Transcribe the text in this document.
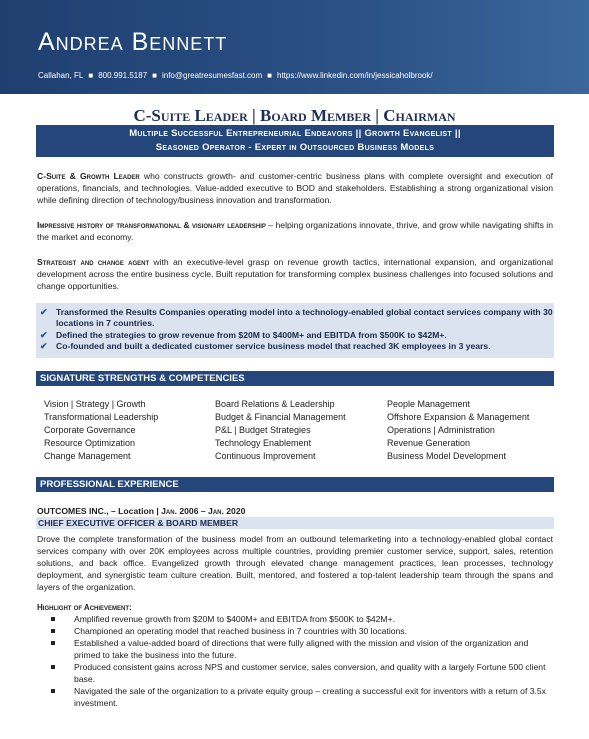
Andrea Bennett
Callahan, FL ■ 800.991.5187 ■ info@greatresumesfast.com ■ https://www.linkedin.com/in/jessicaholbrook/
C-Suite Leader | Board Member | Chairman
Multiple Successful Entrepreneurial Endeavors || Growth Evangelist ||
Seasoned Operator - Expert in Outsourced Business Models
C-Suite & Growth Leader who constructs growth- and customer-centric business plans with complete oversight and execution of operations, financials, and technologies. Value-added executive to BOD and stakeholders. Establishing a strong organizational vision while defining direction of technology/business innovation and transformation.
Impressive history of transformational & visionary leadership – helping organizations innovate, thrive, and grow while navigating shifts in the market and economy.
Strategist and change agent with an executive-level grasp on revenue growth tactics, international expansion, and organizational development across the entire business cycle. Built reputation for transforming complex business challenges into focused solutions and change opportunities.
✔ Transformed the Results Companies operating model into a technology-enabled global contact services company with 30 locations in 7 countries.
✔ Defined the strategies to grow revenue from $20M to $400M+ and EBITDA from $500K to $42M+.
✔ Co-founded and built a dedicated customer service business model that reached 3K employees in 3 years.
SIGNATURE STRENGTHS & COMPETENCIES
Vision | Strategy | Growth
Transformational Leadership
Corporate Governance
Resource Optimization
Change Management
Board Relations & Leadership
Budget & Financial Management
P&L | Budget Strategies
Technology Enablement
Continuous Improvement
People Management
Offshore Expansion & Management
Operations | Administration
Revenue Generation
Business Model Development
PROFESSIONAL EXPERIENCE
OUTCOMES INC., – Location | Jan. 2006 – Jan. 2020
CHIEF EXECUTIVE OFFICER & BOARD MEMBER
Drove the complete transformation of the business model from an outbound telemarketing into a technology-enabled global contact services company with over 20K employees across multiple countries, providing premier customer service, support, sales, retention solutions, and back office. Evangelized growth through elevated change management practices, lean processes, technology deployment, and synergistic team culture creation. Built, mentored, and fostered a top-talent leadership team through the spans and layers of the organization.
Highlight of Achievement:
Amplified revenue growth from $20M to $400M+ and EBITDA from $500K to $42M+.
Championed an operating model that reached business in 7 countries with 30 locations.
Established a value-added board of directions that were fully aligned with the mission and vision of the organization and primed to take the business into the future.
Produced consistent gains across NPS and customer service, sales conversion, and quality with a largely Fortune 500 client base.
Navigated the sale of the organization to a private equity group – creating a successful exit for inventors with a return of 3.5x investment.
